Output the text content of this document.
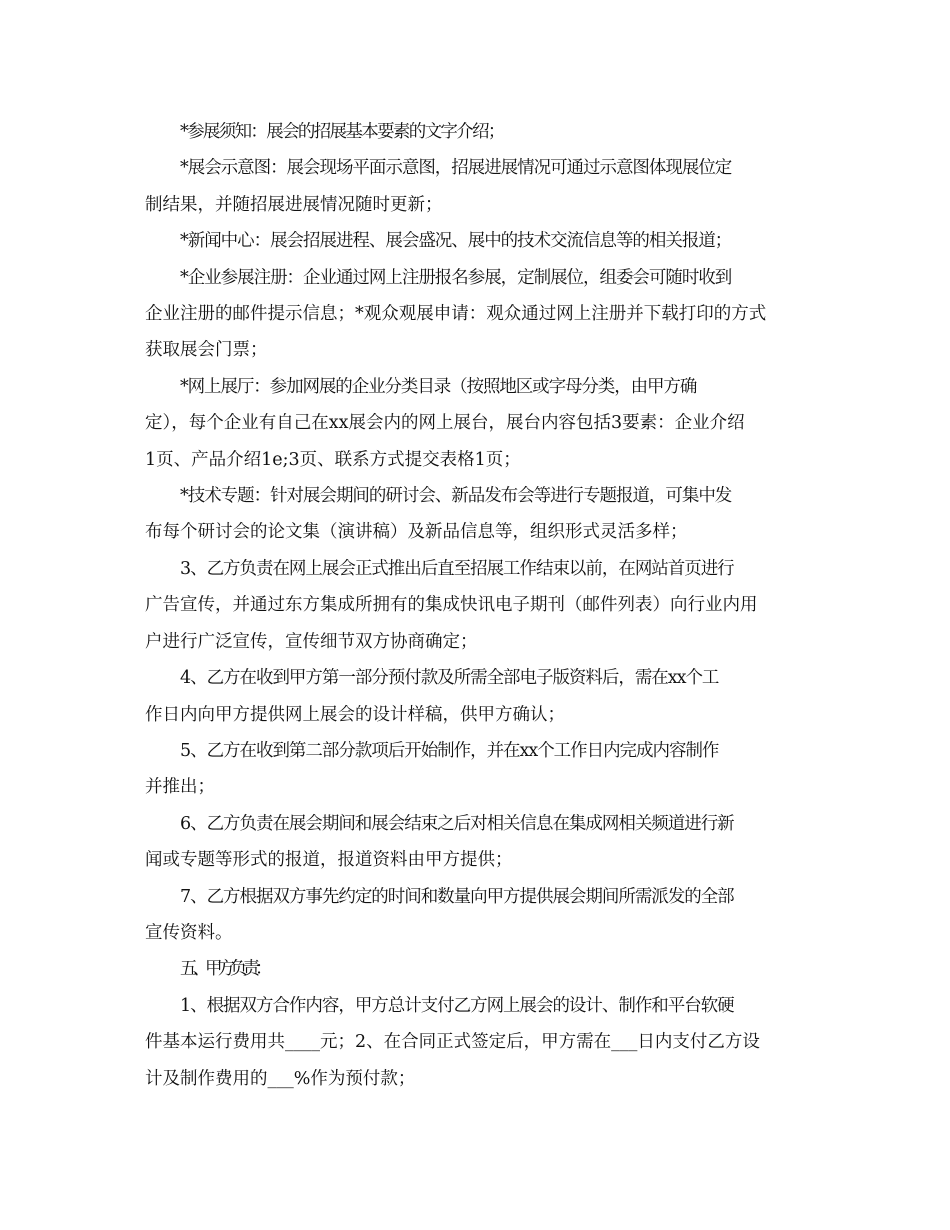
*参展须知：展会的招展基本要素的文字介绍；

*展会示意图：展会现场平面示意图，招展进展情况可通过示意图体现展位定
制结果，并随招展进展情况随时更新；

*新闻中心：展会招展进程、展会盛况、展中的技术交流信息等的相关报道；

*企业参展注册：企业通过网上注册报名参展，定制展位，组委会可随时收到
企业注册的邮件提示信息；*观众观展申请：观众通过网上注册并下载打印的方式
获取展会门票；

*网上展厅：参加网展的企业分类目录（按照地区或字母分类，由甲方确
定），每个企业有自己在xx展会内的网上展台，展台内容包括3要素：企业介绍
1页、产品介绍1e;3页、联系方式提交表格1页；

*技术专题：针对展会期间的研讨会、新品发布会等进行专题报道，可集中发
布每个研讨会的论文集（演讲稿）及新品信息等，组织形式灵活多样；

3、乙方负责在网上展会正式推出后直至招展工作结束以前，在网站首页进行
广告宣传，并通过东方集成所拥有的集成快讯电子期刊（邮件列表）向行业内用
户进行广泛宣传，宣传细节双方协商确定；

4、乙方在收到甲方第一部分预付款及所需全部电子版资料后，需在xx个工
作日内向甲方提供网上展会的设计样稿，供甲方确认；

5、乙方在收到第二部分款项后开始制作，并在xx个工作日内完成内容制作
并推出；

6、乙方负责在展会期间和展会结束之后对相关信息在集成网相关频道进行新
闻或专题等形式的报道，报道资料由甲方提供；

7、乙方根据双方事先约定的时间和数量向甲方提供展会期间所需派发的全部
宣传资料。

五、甲方负责：

1、根据双方合作内容，甲方总计支付乙方网上展会的设计、制作和平台软硬
件基本运行费用共____元；2、在合同正式签定后，甲方需在___日内支付乙方设
计及制作费用的___%作为预付款；
